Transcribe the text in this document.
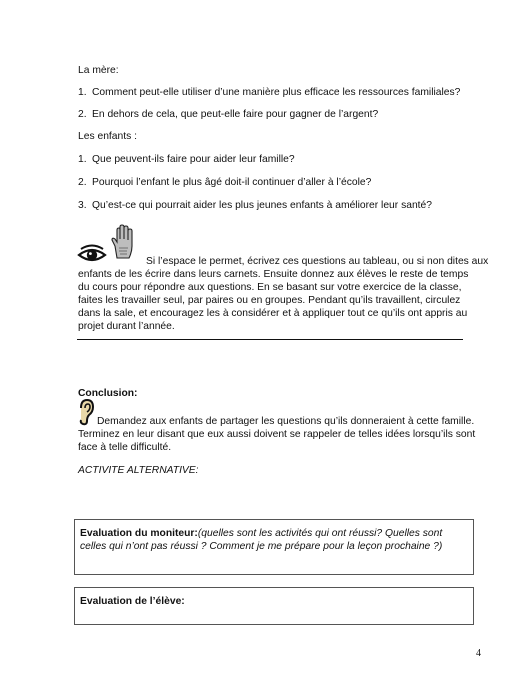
La mère:
1. Comment peut-elle utiliser d’une manière plus efficace les ressources familiales?
2. En dehors de cela, que peut-elle faire pour gagner de l’argent?
Les enfants :
1. Que peuvent-ils faire pour aider leur famille?
2. Pourquoi l’enfant le plus âgé doit-il continuer d’aller à l’école?
3. Qu’est-ce qui pourrait aider les plus jeunes enfants à améliorer leur santé?
Si l’espace le permet, écrivez ces questions au tableau, ou si non dites aux
enfants de les écrire dans leurs carnets. Ensuite donnez aux élèves le reste de temps
du cours pour répondre aux questions. En se basant sur votre exercice de la classe,
faites les travailler seul, par paires ou en groupes. Pendant qu’ils travaillent, circulez
dans la sale, et encouragez les à considérer et à appliquer tout ce qu’ils ont appris au
projet durant l’année.
Conclusion:
Demandez aux enfants de partager les questions qu’ils donneraient à cette famille.
Terminez en leur disant que eux aussi doivent se rappeler de telles idées lorsqu’ils sont
face à telle difficulté.
ACTIVITE ALTERNATIVE:
Evaluation du moniteur:(quelles sont les activités qui ont réussi? Quelles sont
celles qui n’ont pas réussi ? Comment je me prépare pour la leçon prochaine ?)
Evaluation de l’élève:
4
